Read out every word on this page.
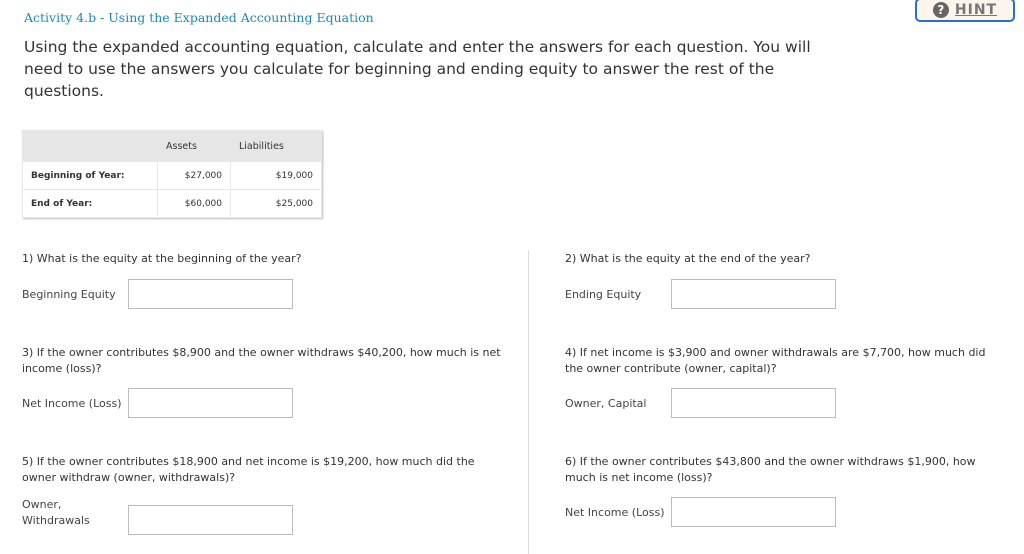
Activity 4.b - Using the Expanded Accounting Equation	? HINT
Using the expanded accounting equation, calculate and enter the answers for each question. You will need to use the answers you calculate for beginning and ending equity to answer the rest of the questions.
	Assets	Liabilities
Beginning of Year:	$27,000	$19,000
End of Year:	$60,000	$25,000
1) What is the equity at the beginning of the year?
Beginning Equity
2) What is the equity at the end of the year?
Ending Equity
3) If the owner contributes $8,900 and the owner withdraws $40,200, how much is net income (loss)?
Net Income (Loss)
4) If net income is $3,900 and owner withdrawals are $7,700, how much did the owner contribute (owner, capital)?
Owner, Capital
5) If the owner contributes $18,900 and net income is $19,200, how much did the owner withdraw (owner, withdrawals)?
Owner, Withdrawals
6) If the owner contributes $43,800 and the owner withdraws $1,900, how much is net income (loss)?
Net Income (Loss)
